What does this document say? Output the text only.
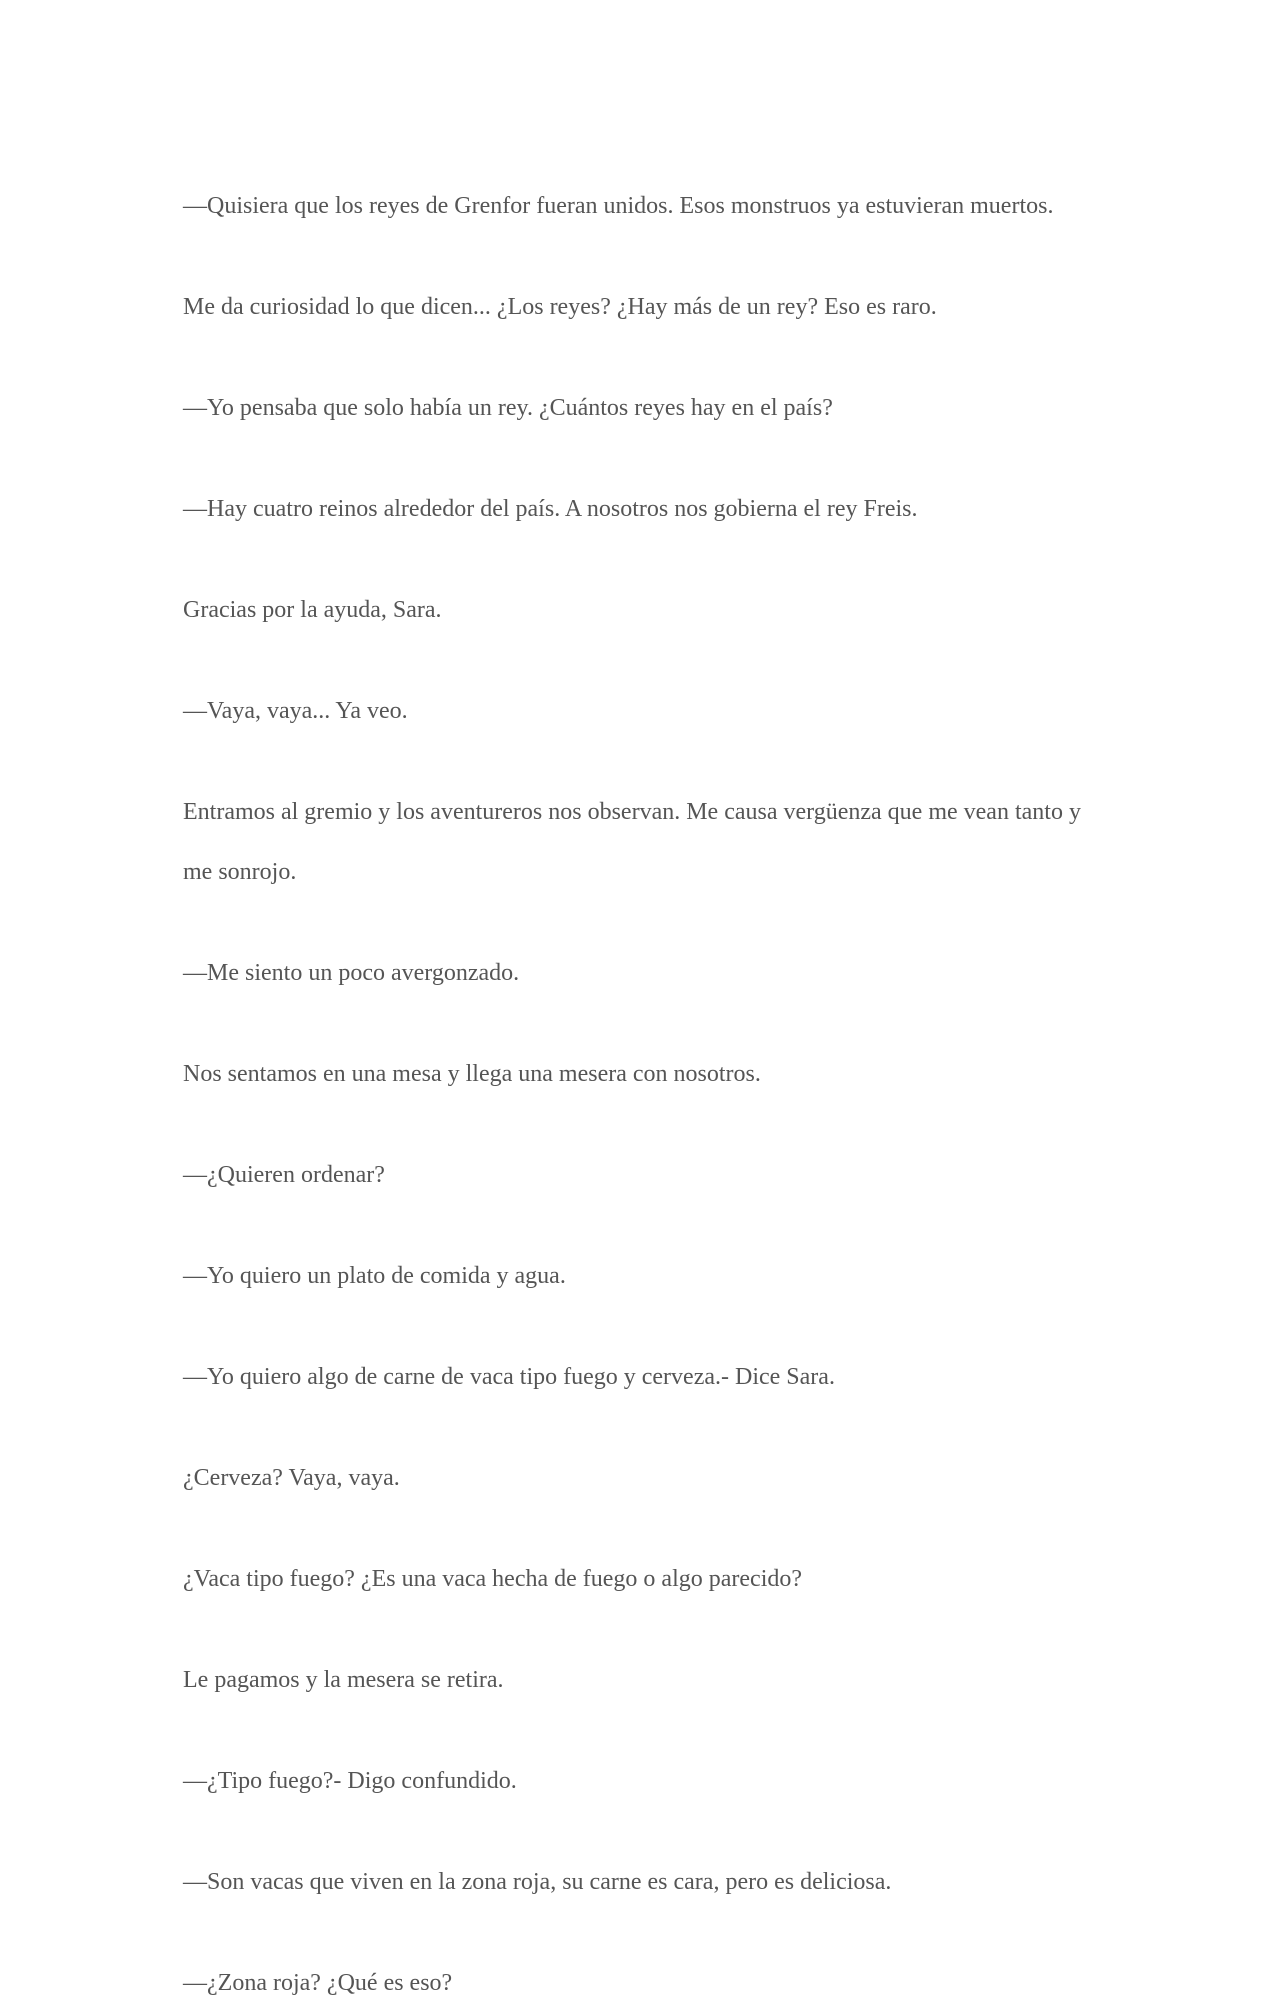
—Quisiera que los reyes de Grenfor fueran unidos. Esos monstruos ya estuvieran muertos.

Me da curiosidad lo que dicen... ¿Los reyes? ¿Hay más de un rey? Eso es raro.

—Yo pensaba que solo había un rey. ¿Cuántos reyes hay en el país?

—Hay cuatro reinos alrededor del país. A nosotros nos gobierna el rey Freis.

Gracias por la ayuda, Sara.

—Vaya, vaya... Ya veo.

Entramos al gremio y los aventureros nos observan. Me causa vergüenza que me vean tanto y me sonrojo.

—Me siento un poco avergonzado.

Nos sentamos en una mesa y llega una mesera con nosotros.

—¿Quieren ordenar?

—Yo quiero un plato de comida y agua.

—Yo quiero algo de carne de vaca tipo fuego y cerveza.- Dice Sara.

¿Cerveza? Vaya, vaya.

¿Vaca tipo fuego? ¿Es una vaca hecha de fuego o algo parecido?

Le pagamos y la mesera se retira.

—¿Tipo fuego?- Digo confundido.

—Son vacas que viven en la zona roja, su carne es cara, pero es deliciosa.

—¿Zona roja? ¿Qué es eso?
